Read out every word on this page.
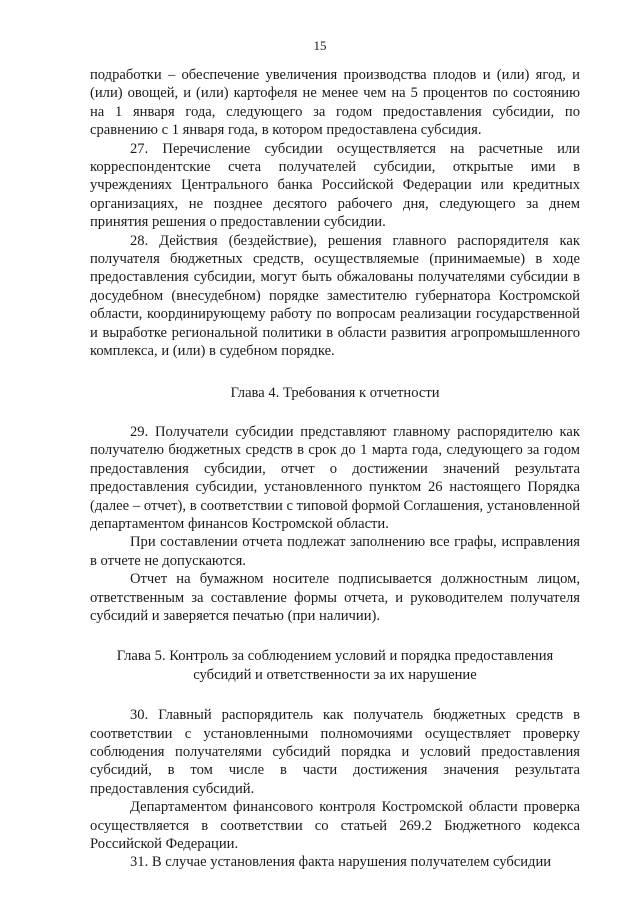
15

подработки – обеспечение увеличения производства плодов и (или) ягод, и (или) овощей, и (или) картофеля не менее чем на 5 процентов по состоянию на 1 января года, следующего за годом предоставления субсидии, по сравнению с 1 января года, в котором предоставлена субсидия.

27. Перечисление субсидии осуществляется на расчетные или корреспондентские счета получателей субсидии, открытые ими в учреждениях Центрального банка Российской Федерации или кредитных организациях, не позднее десятого рабочего дня, следующего за днем принятия решения о предоставлении субсидии.

28. Действия (бездействие), решения главного распорядителя как получателя бюджетных средств, осуществляемые (принимаемые) в ходе предоставления субсидии, могут быть обжалованы получателями субсидии в досудебном (внесудебном) порядке заместителю губернатора Костромской области, координирующему работу по вопросам реализации государственной и выработке региональной политики в области развития агропромышленного комплекса, и (или) в судебном порядке.

Глава 4. Требования к отчетности

29. Получатели субсидии представляют главному распорядителю как получателю бюджетных средств в срок до 1 марта года, следующего за годом предоставления субсидии, отчет о достижении значений результата предоставления субсидии, установленного пунктом 26 настоящего Порядка (далее – отчет), в соответствии с типовой формой Соглашения, установленной департаментом финансов Костромской области.

При составлении отчета подлежат заполнению все графы, исправления в отчете не допускаются.

Отчет на бумажном носителе подписывается должностным лицом, ответственным за составление формы отчета, и руководителем получателя субсидий и заверяется печатью (при наличии).

Глава 5. Контроль за соблюдением условий и порядка предоставления
субсидий и ответственности за их нарушение

30. Главный распорядитель как получатель бюджетных средств в соответствии с установленными полномочиями осуществляет проверку соблюдения получателями субсидий порядка и условий предоставления субсидий, в том числе в части достижения значения результата предоставления субсидий.

Департаментом финансового контроля Костромской области проверка осуществляется в соответствии со статьей 269.2 Бюджетного кодекса Российской Федерации.

31. В случае установления факта нарушения получателем субсидии
